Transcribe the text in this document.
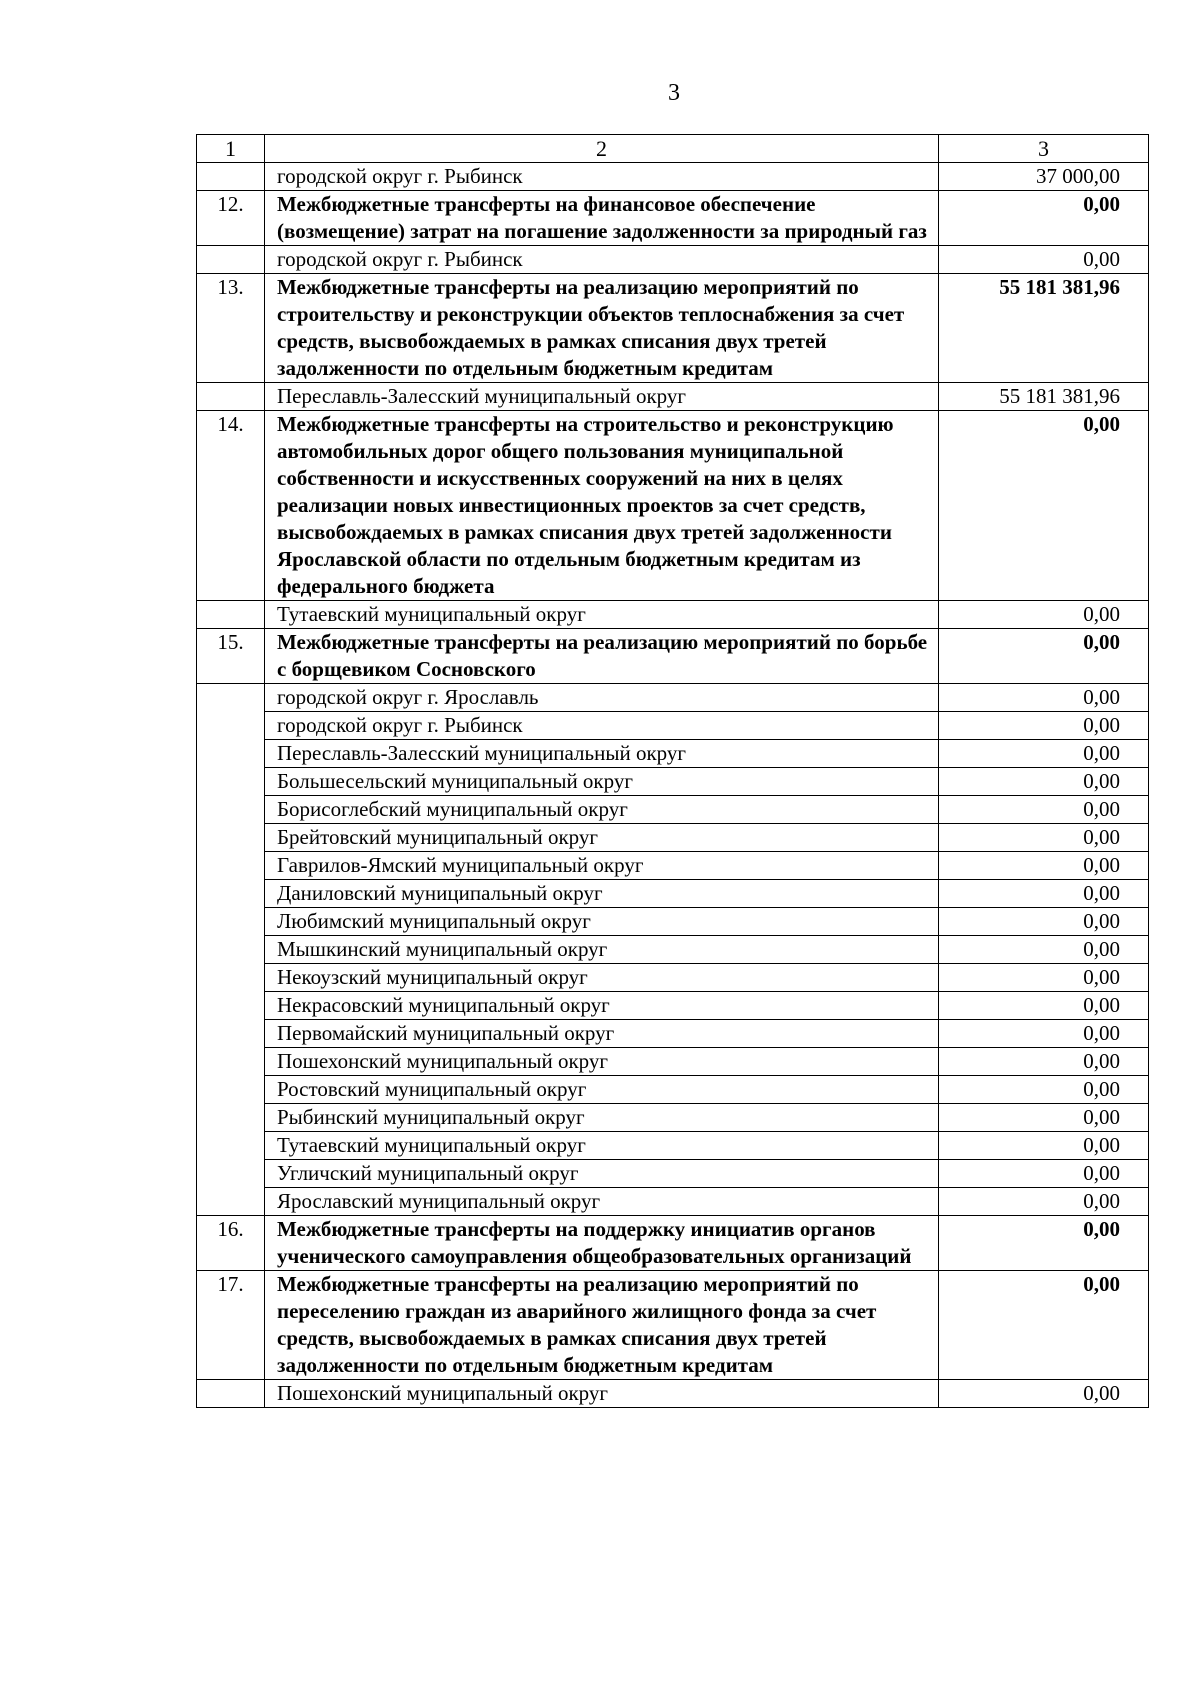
3
1	2	3
	городской округ г. Рыбинск	37 000,00
12.	Межбюджетные трансферты на финансовое обеспечение (возмещение) затрат на погашение задолженности за природный газ	0,00
	городской округ г. Рыбинск	0,00
13.	Межбюджетные трансферты на реализацию мероприятий по строительству и реконструкции объектов теплоснабжения за счет средств, высвобождаемых в рамках списания двух третей задолженности по отдельным бюджетным кредитам	55 181 381,96
	Переславль-Залесский муниципальный округ	55 181 381,96
14.	Межбюджетные трансферты на строительство и реконструкцию автомобильных дорог общего пользования муниципальной собственности и искусственных сооружений на них в целях реализации новых инвестиционных проектов за счет средств, высвобождаемых в рамках списания двух третей задолженности Ярославской области по отдельным бюджетным кредитам из федерального бюджета	0,00
	Тутаевский муниципальный округ	0,00
15.	Межбюджетные трансферты на реализацию мероприятий по борьбе с борщевиком Сосновского	0,00
	городской округ г. Ярославль	0,00
	городской округ г. Рыбинск	0,00
	Переславль-Залесский муниципальный округ	0,00
	Большесельский муниципальный округ	0,00
	Борисоглебский муниципальный округ	0,00
	Брейтовский муниципальный округ	0,00
	Гаврилов-Ямский муниципальный округ	0,00
	Даниловский муниципальный округ	0,00
	Любимский муниципальный округ	0,00
	Мышкинский муниципальный округ	0,00
	Некоузский муниципальный округ	0,00
	Некрасовский муниципальный округ	0,00
	Первомайский муниципальный округ	0,00
	Пошехонский муниципальный округ	0,00
	Ростовский муниципальный округ	0,00
	Рыбинский муниципальный округ	0,00
	Тутаевский муниципальный округ	0,00
	Угличский муниципальный округ	0,00
	Ярославский муниципальный округ	0,00
16.	Межбюджетные трансферты на поддержку инициатив органов ученического самоуправления общеобразовательных организаций	0,00
17.	Межбюджетные трансферты на реализацию мероприятий по переселению граждан из аварийного жилищного фонда за счет средств, высвобождаемых в рамках списания двух третей задолженности по отдельным бюджетным кредитам	0,00
	Пошехонский муниципальный округ	0,00
